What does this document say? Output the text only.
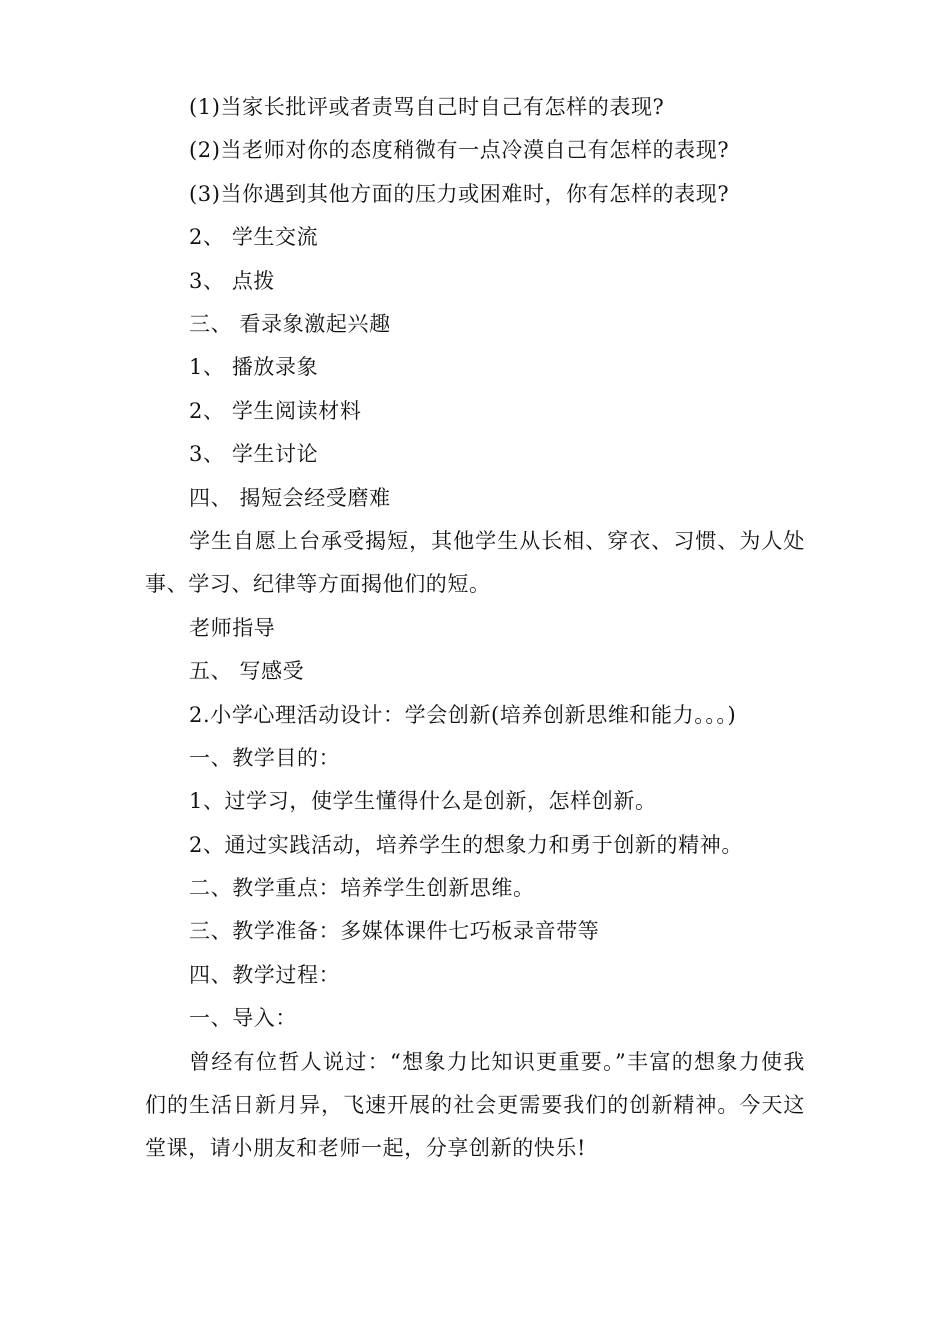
(1)当家长批评或者责骂自己时自己有怎样的表现?
(2)当老师对你的态度稍微有一点冷漠自己有怎样的表现?
(3)当你遇到其他方面的压力或困难时，你有怎样的表现?
2、 学生交流
3、 点拨
三、 看录象激起兴趣
1、 播放录象
2、 学生阅读材料
3、 学生讨论
四、 揭短会经受磨难
学生自愿上台承受揭短，其他学生从长相、穿衣、习惯、为人处事、学习、纪律等方面揭他们的短。
老师指导
五、 写感受
2.小学心理活动设计：学会创新(培养创新思维和能力。。。)
一、教学目的：
1、过学习，使学生懂得什么是创新，怎样创新。
2、通过实践活动，培养学生的想象力和勇于创新的精神。
二、教学重点：培养学生创新思维。
三、教学准备：多媒体课件七巧板录音带等
四、教学过程：
一、导入：
曾经有位哲人说过：“想象力比知识更重要。”丰富的想象力使我们的生活日新月异，飞速开展的社会更需要我们的创新精神。今天这堂课，请小朋友和老师一起，分享创新的快乐!
